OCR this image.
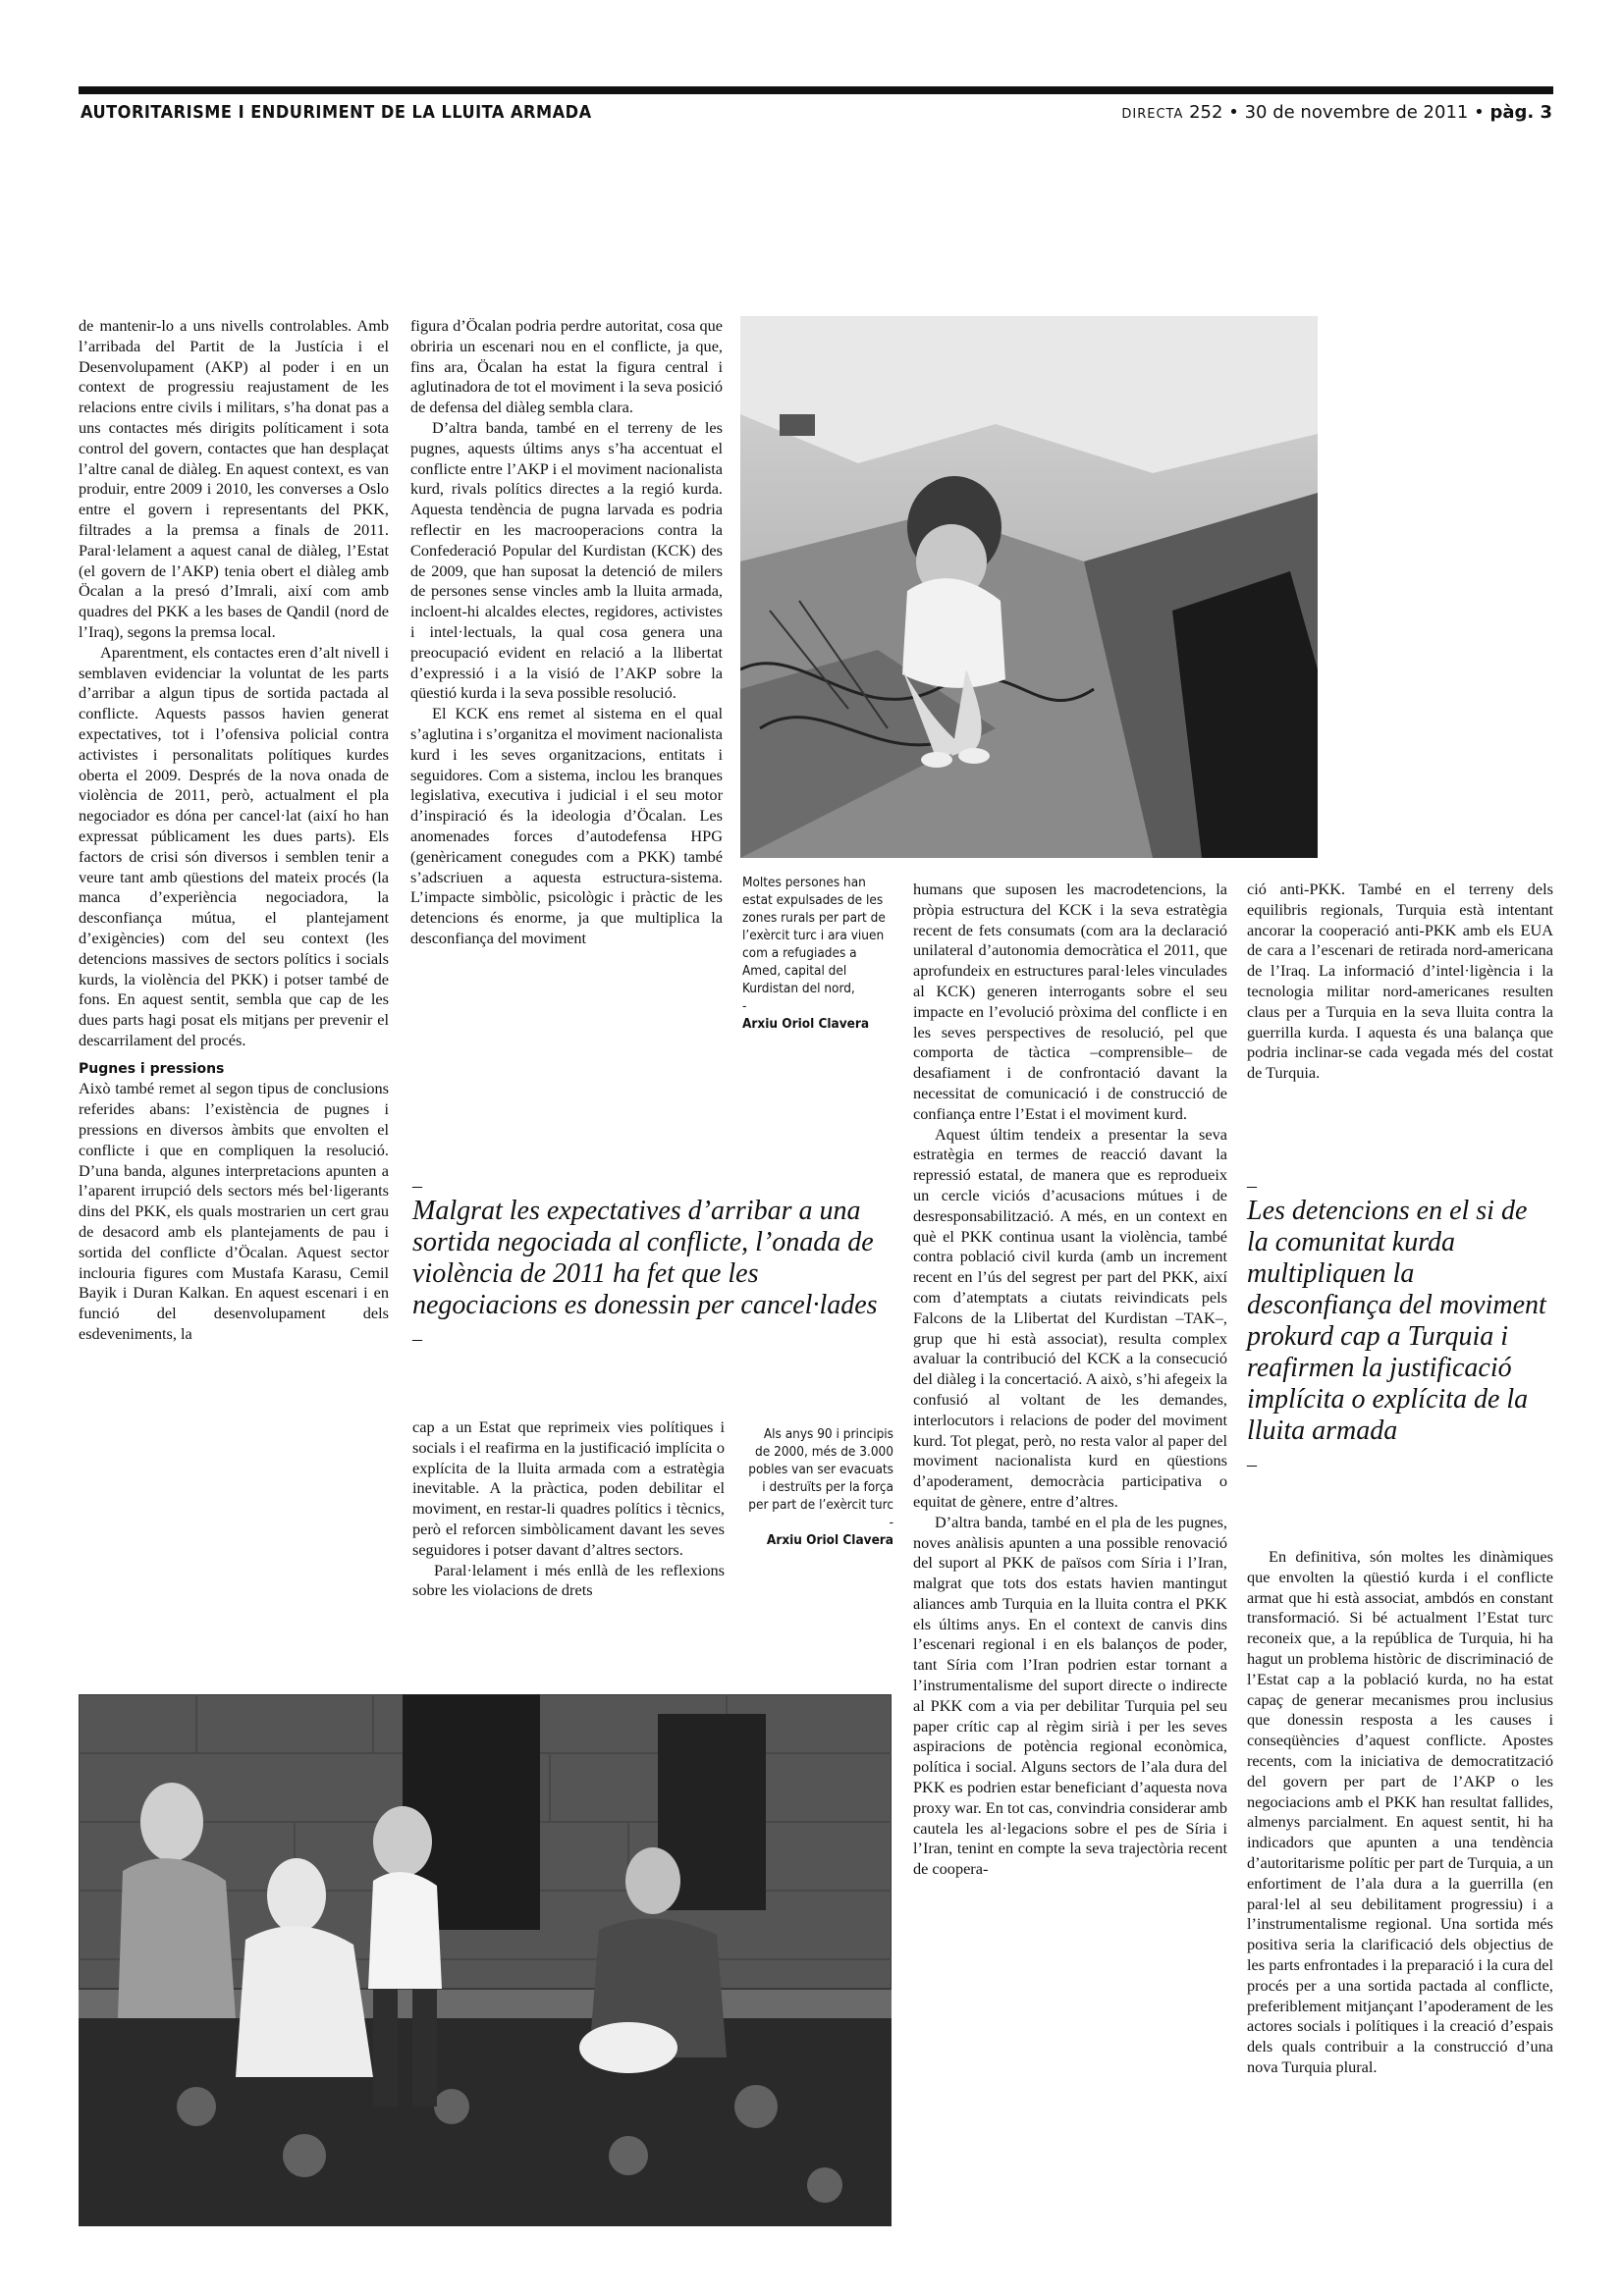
AUTORITARISME I ENDURIMENT DE LA LLUITA ARMADA	directa 252 • 30 de novembre de 2011 • pàg. 3

de mantenir-lo a uns nivells controlables. Amb l’arribada del Partit de la Justícia i el Desenvolupament (AKP) al poder i en un context de progressiu reajustament de les relacions entre civils i militars, s’ha donat pas a uns contactes més dirigits políticament i sota control del govern, contactes que han desplaçat l’altre canal de diàleg. En aquest context, es van produir, entre 2009 i 2010, les converses a Oslo entre el govern i representants del PKK, filtrades a la premsa a finals de 2011. Paral·lelament a aquest canal de diàleg, l’Estat (el govern de l’AKP) tenia obert el diàleg amb Öcalan a la presó d’Imrali, així com amb quadres del PKK a les bases de Qandil (nord de l’Iraq), segons la premsa local.

Aparentment, els contactes eren d’alt nivell i semblaven evidenciar la voluntat de les parts d’arribar a algun tipus de sortida pactada al conflicte. Aquests passos havien generat expectatives, tot i l’ofensiva policial contra activistes i personalitats polítiques kurdes oberta el 2009. Després de la nova onada de violència de 2011, però, actualment el pla negociador es dóna per cancel·lat (així ho han expressat públicament les dues parts). Els factors de crisi són diversos i semblen tenir a veure tant amb qüestions del mateix procés (la manca d’experiència negociadora, la desconfiança mútua, el plantejament d’exigències) com del seu context (les detencions massives de sectors polítics i socials kurds, la violència del PKK) i potser també de fons. En aquest sentit, sembla que cap de les dues parts hagi posat els mitjans per prevenir el descarrilament del procés.

Pugnes i pressions

Això també remet al segon tipus de conclusions referides abans: l’existència de pugnes i pressions en diversos àmbits que envolten el conflicte i que en compliquen la resolució. D’una banda, algunes interpretacions apunten a l’aparent irrupció dels sectors més bel·ligerants dins del PKK, els quals mostrarien un cert grau de desacord amb els plantejaments de pau i sortida del conflicte d’Öcalan. Aquest sector inclouria figures com Mustafa Karasu, Cemil Bayik i Duran Kalkan. En aquest escenari i en funció del desenvolupament dels esdeveniments, la

figura d’Öcalan podria perdre autoritat, cosa que obriria un escenari nou en el conflicte, ja que, fins ara, Öcalan ha estat la figura central i aglutinadora de tot el moviment i la seva posició de defensa del diàleg sembla clara.

D’altra banda, també en el terreny de les pugnes, aquests últims anys s’ha accentuat el conflicte entre l’AKP i el moviment nacionalista kurd, rivals polítics directes a la regió kurda. Aquesta tendència de pugna larvada es podria reflectir en les macrooperacions contra la Confederació Popular del Kurdistan (KCK) des de 2009, que han suposat la detenció de milers de persones sense vincles amb la lluita armada, incloent-hi alcaldes electes, regidores, activistes i intel·lectuals, la qual cosa genera una preocupació evident en relació a la llibertat d’expressió i a la visió de l’AKP sobre la qüestió kurda i la seva possible resolució.

El KCK ens remet al sistema en el qual s’aglutina i s’organitza el moviment nacionalista kurd i les seves organitzacions, entitats i seguidores. Com a sistema, inclou les branques legislativa, executiva i judicial i el seu motor d’inspiració és la ideologia d’Öcalan. Les anomenades forces d’autodefensa HPG (genèricament conegudes com a PKK) també s’adscriuen a aquesta estructura-sistema. L’impacte simbòlic, psicològic i pràctic de les detencions és enorme, ja que multiplica la desconfiança del moviment

–
Malgrat les expectatives d’arribar a una sortida negociada al conflicte, l’onada de violència de 2011 ha fet que les negociacions es donessin per cancel·lades
–

cap a un Estat que reprimeix vies polítiques i socials i el reafirma en la justificació implícita o explícita de la lluita armada com a estratègia inevitable. A la pràctica, poden debilitar el moviment, en restar-li quadres polítics i tècnics, però el reforcen simbòlicament davant les seves seguidores i potser davant d’altres sectors.

Paral·lelament i més enllà de les reflexions sobre les violacions de drets

Als anys 90 i principis de 2000, més de 3.000 pobles van ser evacuats i destruïts per la força per part de l’exèrcit turc
-
Arxiu Oriol Clavera
Moltes persones han estat expulsades de les zones rurals per part de l’exèrcit turc i ara viuen com a refugiades a Amed, capital del Kurdistan del nord,
-
Arxiu Oriol Clavera

humans que suposen les macrodetencions, la pròpia estructura del KCK i la seva estratègia recent de fets consumats (com ara la declaració unilateral d’autonomia democràtica el 2011, que aprofundeix en estructures paral·leles vinculades al KCK) generen interrogants sobre el seu impacte en l’evolució pròxima del conflicte i en les seves perspectives de resolució, pel que comporta de tàctica –comprensible– de desafiament i de confrontació davant la necessitat de comunicació i de construcció de confiança entre l’Estat i el moviment kurd.

Aquest últim tendeix a presentar la seva estratègia en termes de reacció davant la repressió estatal, de manera que es reprodueix un cercle viciós d’acusacions mútues i de desresponsabilització. A més, en un context en què el PKK continua usant la violència, també contra població civil kurda (amb un increment recent en l’ús del segrest per part del PKK, així com d’atemptats a ciutats reivindicats pels Falcons de la Llibertat del Kurdistan –TAK–, grup que hi està associat), resulta complex avaluar la contribució del KCK a la consecució del diàleg i la concertació. A això, s’hi afegeix la confusió al voltant de les demandes, interlocutors i relacions de poder del moviment kurd. Tot plegat, però, no resta valor al paper del moviment nacionalista kurd en qüestions d’apoderament, democràcia participativa o equitat de gènere, entre d’altres.

D’altra banda, també en el pla de les pugnes, noves anàlisis apunten a una possible renovació del suport al PKK de països com Síria i l’Iran, malgrat que tots dos estats havien mantingut aliances amb Turquia en la lluita contra el PKK els últims anys. En el context de canvis dins l’escenari regional i en els balanços de poder, tant Síria com l’Iran podrien estar tornant a l’instrumentalisme del suport directe o indirecte al PKK com a via per debilitar Turquia pel seu paper crític cap al règim sirià i per les seves aspiracions de potència regional econòmica, política i social. Alguns sectors de l’ala dura del PKK es podrien estar beneficiant d’aquesta nova proxy war. En tot cas, convindria considerar amb cautela les al·legacions sobre el pes de Síria i l’Iran, tenint en compte la seva trajectòria recent de coopera-

ció anti-PKK. També en el terreny dels equilibris regionals, Turquia està intentant ancorar la cooperació anti-PKK amb els EUA de cara a l’escenari de retirada nord-americana de l’Iraq. La informació d’intel·ligència i la tecnologia militar nord-americanes resulten claus per a Turquia en la seva lluita contra la guerrilla kurda. I aquesta és una balança que podria inclinar-se cada vegada més del costat de Turquia.

–
Les detencions en el si de la comunitat kurda multipliquen la desconfiança del moviment prokurd cap a Turquia i reafirmen la justificació implícita o explícita de la lluita armada
–

En definitiva, són moltes les dinàmiques que envolten la qüestió kurda i el conflicte armat que hi està associat, ambdós en constant transformació. Si bé actualment l’Estat turc reconeix que, a la república de Turquia, hi ha hagut un problema històric de discriminació de l’Estat cap a la població kurda, no ha estat capaç de generar mecanismes prou inclusius que donessin resposta a les causes i conseqüències d’aquest conflicte. Apostes recents, com la iniciativa de democratització del govern per part de l’AKP o les negociacions amb el PKK han resultat fallides, almenys parcialment. En aquest sentit, hi ha indicadors que apunten a una tendència d’autoritarisme polític per part de Turquia, a un enfortiment de l’ala dura a la guerrilla (en paral·lel al seu debilitament progressiu) i a l’instrumentalisme regional. Una sortida més positiva seria la clarificació dels objectius de les parts enfrontades i la preparació i la cura del procés per a una sortida pactada al conflicte, preferiblement mitjançant l’apoderament de les actores socials i polítiques i la creació d’espais dels quals contribuir a la construcció d’una nova Turquia plural.
